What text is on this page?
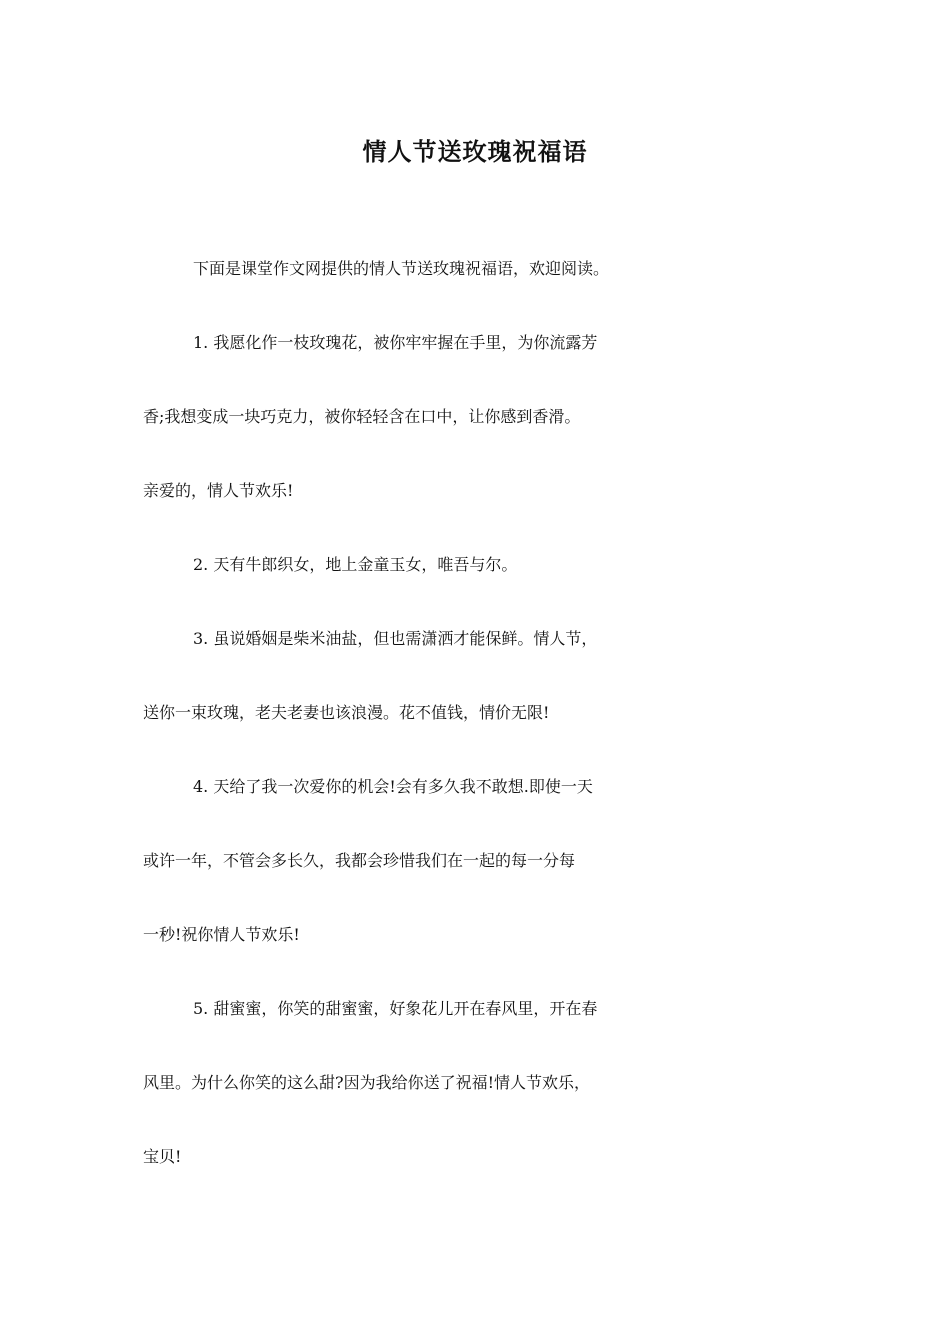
情人节送玫瑰祝福语
下面是课堂作文网提供的情人节送玫瑰祝福语，欢迎阅读。
1. 我愿化作一枝玫瑰花，被你牢牢握在手里，为你流露芳
香;我想变成一块巧克力，被你轻轻含在口中，让你感到香滑。
亲爱的，情人节欢乐!
2. 天有牛郎织女，地上金童玉女，唯吾与尔。
3. 虽说婚姻是柴米油盐，但也需潇洒才能保鲜。情人节，
送你一束玫瑰，老夫老妻也该浪漫。花不值钱，情价无限!
4. 天给了我一次爱你的机会!会有多久我不敢想.即使一天
或许一年，不管会多长久，我都会珍惜我们在一起的每一分每
一秒!祝你情人节欢乐!
5. 甜蜜蜜，你笑的甜蜜蜜，好象花儿开在春风里，开在春
风里。为什么你笑的这么甜?因为我给你送了祝福!情人节欢乐，
宝贝!
